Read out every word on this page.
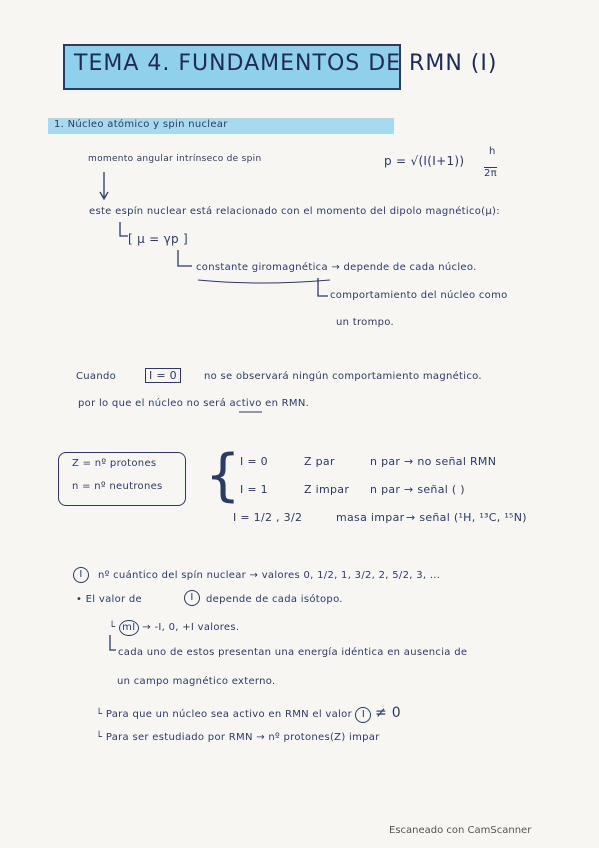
TEMA 4. FUNDAMENTOS DE RMN (I)
1. Núcleo atómico y spin nuclear
momento angular intrínseco de spin	p = √(I(I+1))
h
2π
este espín nuclear está relacionado con el momento del dipolo magnético(μ):
[ μ = γp ]
constante giromagnética → depende de cada núcleo.
comportamiento del núcleo como
un trompo.
Cuando	I = 0	no se observará ningún comportamiento magnético.
por lo que el núcleo no será activo en RMN.
Z = nº protones
n = nº neutrones { I = 0	Z par	n par → no señal RMN
I = 1	Z impar n par → señal ( )
I = 1/2 , 3/2	masa impar → señal (¹H, ¹³C, ¹⁵N)
I	nº cuántico del spín nuclear → valores 0, 1/2, 1, 3/2, 2, 5/2, 3, ...
• El valor de	I	depende de cada isótopo.
└ mI → -I, 0, +I valores.
cada uno de estos presentan una energía idéntica en ausencia de
un campo magnético externo.
└ Para que un núcleo sea activo en RMN el valor I ≠ 0
└ Para ser estudiado por RMN → nº protones(Z) impar
Escaneado con CamScanner
